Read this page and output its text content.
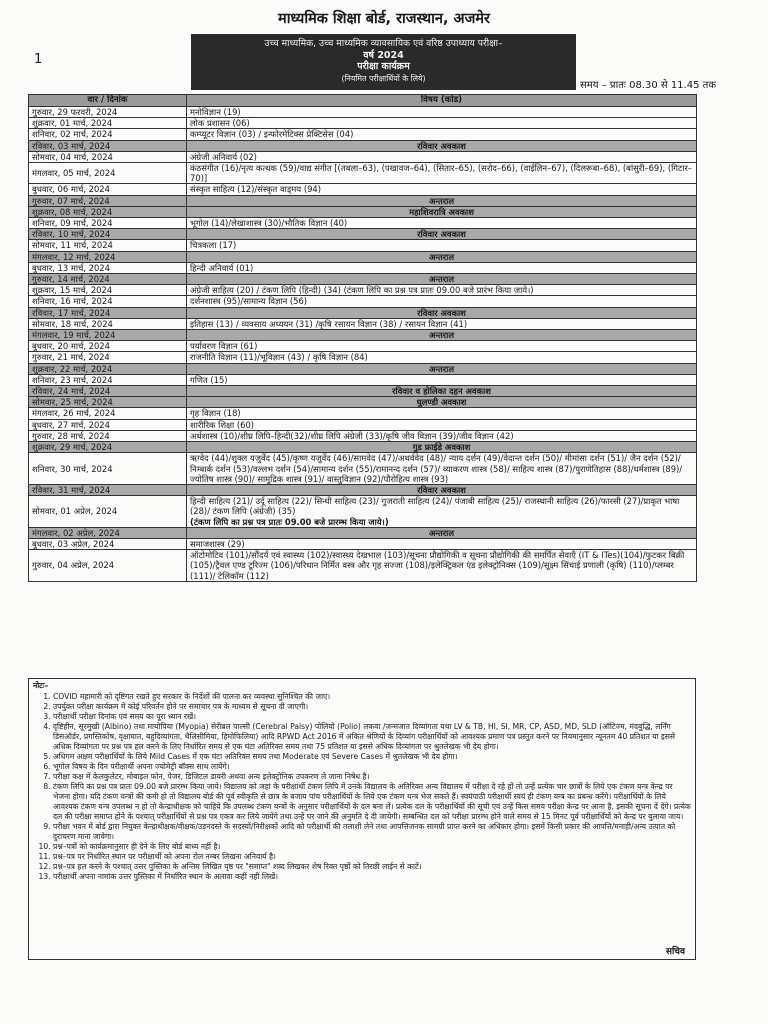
माध्यमिक शिक्षा बोर्ड, राजस्थान, अजमेर
1
उच्च माध्यमिक, उच्च माध्यमिक व्यावसायिक एवं वरिष्ठ उपाध्याय परीक्षा–
वर्ष 2024
परीक्षा कार्यक्रम
(नियमित परीक्षार्थियों के लिये)
समय – प्रातः 08.30 से 11.45 तक
वार / दिनांक	विषय (कोड)
गुरुवार, 29 फरवरी, 2024	मनोविज्ञान (19)
शुक्रवार, 01 मार्च, 2024	लोक प्रशासन (06)
शनिवार, 02 मार्च, 2024	कम्प्यूटर विज्ञान (03) / इन्फोरमेटिक्स प्रेक्टिसेस (04)
रविवार, 03 मार्च, 2024	रविवार अवकाश
सोमवार, 04 मार्च, 2024	अंग्रेजी अनिवार्य (02)
मंगलवार, 05 मार्च, 2024	कंठसंगीत (16)/नृत्य कत्थक (59)/वाद्य संगीत [(तबला–63), (पखावज–64), (सितार–65), (सरोद–66), (वाईलिन–67), (दिलरूबा–68), (बांसुरी–69), (गिटार– 70)]
बुधवार, 06 मार्च, 2024	संस्कृत साहित्य (12)/संस्कृत वाड्मय (94)
गुरुवार, 07 मार्च, 2024	अन्तराल
शुक्रवार, 08 मार्च, 2024	महाशिवरात्रि अवकाश
शनिवार, 09 मार्च, 2024	भूगोल (14)/लेखाशास्त्र (30)/भौतिक विज्ञान (40)
रविवार, 10 मार्च, 2024	रविवार अवकाश
सोमवार, 11 मार्च, 2024	चित्रकला (17)
मंगलवार, 12 मार्च, 2024	अन्तराल
बुधवार, 13 मार्च, 2024	हिन्दी अनिवार्य (01)
गुरुवार, 14 मार्च, 2024	अन्तराल
शुक्रवार, 15 मार्च, 2024	अंग्रेजी साहित्य (20) / टंकण लिपि (हिन्दी) (34) (टंकण लिपि का प्रश्न पत्र प्रातः 09.00 बजे प्रारंभ किया जाये।)
शनिवार, 16 मार्च, 2024	दर्शनशास्त्र (95)/सामान्य विज्ञान (56)
रविवार, 17 मार्च, 2024	रविवार अवकाश
सोमवार, 18 मार्च, 2024	इतिहास (13) / व्यवसाय अध्ययन (31) /कृषि रसायन विज्ञान (38) / रसायन विज्ञान (41)
मंगलवार, 19 मार्च, 2024	अन्तराल
बुधवार, 20 मार्च, 2024	पर्यावरण विज्ञान (61)
गुरुवार, 21 मार्च, 2024	राजनीति विज्ञान (11)/भूविज्ञान (43) / कृषि विज्ञान (84)
शुक्रवार, 22 मार्च, 2024	अन्तराल
शनिवार, 23 मार्च, 2024	गणित (15)
रविवार, 24 मार्च, 2024	रविवार व होलिका दहन अवकाश
सोमवार, 25 मार्च, 2024	धुलण्डी अवकाश
मंगलवार, 26 मार्च, 2024	गृह विज्ञान (18)
बुधवार, 27 मार्च, 2024	शारीरिक शिक्षा (60)
गुरुवार, 28 मार्च, 2024	अर्थशास्त्र (10)/शीघ्र लिपि–हिन्दी(32)/शीघ्र लिपि अंग्रेजी (33)/कृषि जीव विज्ञान (39)/जीव विज्ञान (42)
शुक्रवार, 29 मार्च, 2024	गुड फ्राईडे अवकाश
शनिवार, 30 मार्च, 2024	ऋग्वेद (44)/शुक्ल यजुर्वेद (45)/कृष्ण यजुर्वेद (46)/सामवेद (47)/अथर्ववेद (48)/ न्याय दर्शन (49)/वेदान्त दर्शन (50)/ मीमांसा दर्शन (51)/ जैन दर्शन (52)/ निम्बार्क दर्शन (53)/वल्लभ दर्शन (54)/सामान्य दर्शन (55)/रामानन्द दर्शन (57)/ व्याकरण शास्त्र (58)/ साहित्य शास्त्र (87)/पुराणेतिहास (88)/धर्मशास्त्र (89)/ज्योतिष शास्त्र (90)/ सामुद्रिक शास्त्र (91)/ वास्तुविज्ञान (92)/पौरोहित्य शास्त्र (93)
रविवार, 31 मार्च, 2024	रविवार अवकाश
सोमवार, 01 अप्रेल, 2024	हिन्दी साहित्य (21)/ उर्दू साहित्य (22)/ सिन्धी साहित्य (23)/ गुजराती साहित्य (24)/ पंजाबी साहित्य (25)/ राजस्थानी साहित्य (26)/फारसी (27)/प्राकृत भाषा (28)/ टंकण लिपि (अंग्रेजी) (35)
(टंकण लिपि का प्रश्न पत्र प्रातः 09.00 बजे प्रारम्भ किया जाये।)

मंगलवार, 02 अप्रेल, 2024	अन्तराल
बुधवार, 03 अप्रेल, 2024	समाजशास्त्र (29)
गुरुवार, 04 अप्रेल, 2024	ऑटोमोटिव (101)/सौंदर्य एवं स्वास्थ्य (102)/स्वास्थ्य देखभाल (103)/सूचना प्रौद्योगिकी व सूचना प्रौद्योगिकी की समर्पित सेवाएँ (IT & ITes)(104)/फुटकर बिक्री (105)/ट्रैवल एण्ड टूरिज्म (106)/परिधान निर्मित वस्त्र और गृह सज्जा (108)/इलेक्ट्रिकल एंड इलेक्ट्रोनिक्स (109)/सूक्ष्म सिंचाई प्रणाली (कृषि) (110)/प्लम्बर (111)/ टेलिकॉम (112)
नोटः–
1. COVID महामारी को दृष्टिगत रखते हुए सरकार के निर्देशों की पालना कर व्यवस्था सुनिश्चित की जाए।
2. उपर्युक्त परीक्षा कार्यक्रम में कोई परिवर्तन होने पर समाचार पत्र के माध्यम से सूचना दी जाएगी।
3. परीक्षार्थी परीक्षा दिनांक एवं समय का पूरा ध्यान रखें।
4. दृष्टिहीन, सूरमुखी (Albino) तथा मायोपिया (Myopia) सेरीब्रल पाल्सी (Cerebral Palsy) पोलियो (Polio) लकवा /जन्मजात दिव्यांगता यथा LV & TB, HI, SI, MR, CP, ASD, MD, SLD (ऑटिज्म, मंदबुद्धि, लर्निंग डिसऑर्डर, प्रगस्तिकोष, वृक्षाघात, बहुदिव्यांगता, थैलिसीमिया, हिमोफिलिया) आदि RPWD Act 2016 में अंकित श्रेणियों के दिव्यांग परीक्षार्थियों को आवश्यक प्रमाण पत्र प्रस्तुत करने पर नियमानुसार न्यूनतम 40 प्रतिशत या इससे अधिक दिव्यांगता पर प्रश्न पत्र हल करने के लिए निर्धारित समय से एक घंटा अतिरिक्त समय तथा 75 प्रतिशत या इससे अधिक दिव्यांगता पर श्रुतलेखक भी देय होगा।
5. अधिगम अक्षम परीक्षार्थियों के लिये Mild Cases में एक घंटा अतिरिक्त समय तथा Moderate एवं Severe Cases में श्रुतलेखक भी देय होगा।
6. भूगोल विषय के दिन परीक्षार्थी अपना ज्योमेट्री बॉक्स साथ लायेंगे।
7. परीक्षा कक्ष में केलकुलेटर, मोबाइल फोन, पेजर, डिजिटल डायरी अथवा अन्य इलेक्ट्रोनिक उपकरण ले जाना निषेध है।
8. टंकण लिपि का प्रश्न पत्र प्रातः 09.00 बजे प्रारम्भ किया जाये। विद्यालय को जहां के परीक्षार्थी टंकण लिपि में उनके विद्यालय के अतिरिक्त अन्य विद्यालय में परीक्षा दे रहे हों तो उन्हें प्रत्येक चार छात्रों के लिये एक टंकण यन्त्र केन्द्र पर भेजना होगा। यदि टंकण यन्त्रों की कमी हो तो विद्यालय बोर्ड की पूर्व स्वीकृति से छात्र के बजाय पांच परीक्षार्थियों के लिये एक टंकण यन्त्र भेज सकते हैं। स्वयंपाठी परीक्षार्थी स्वयं ही टंकण यन्त्र का प्रबन्ध करेंगे। परीक्षार्थियों के लिये आवश्यक टंकण यन्त्र उपलब्ध न हो तो केन्द्राधीक्षक को चाहिये कि उपलब्ध टंकण यन्त्रों के अनुसार परीक्षार्थियों के दल बना लें। प्रत्येक दल के परीक्षार्थियों की सूची एवं उन्हें किस समय परीक्षा केन्द्र पर आना है, इसकी सूचना दें देंगे। प्रत्येक दल की परीक्षा समाप्त होने के पश्चात् परीक्षार्थियों से प्रश्न पत्र एकत्र कर लिये जायेंगे तथा उन्हें घर जाने की अनुमति दे दी जायेगी। सम्बन्धित दल को परीक्षा प्रारम्भ होने वाले समय से 15 मिनट पूर्व परीक्षार्थियों को केन्द्र पर बुलाया जाय।
9. परीक्षा भवन में बोर्ड द्वारा नियुक्त केन्द्राधीक्षक/वीक्षक/उड़नदस्ते के सदस्यों/निरीक्षकों आदि को परीक्षार्थी की तलाशी लेने तथा आपत्तिजनक सामग्री प्राप्त करने का अधिकार होगा। इसमें किसी प्रकार की आपत्ति/मनाही/अन्य उत्पात को दुराचरण माना जावेगा।
10. प्रश्न–पत्रों को कार्यक्रमानुसार ही देने के लिए बोर्ड बाध्य नहीं है।
11. प्रश्न–पत्र पर निर्धारित स्थान पर परीक्षार्थी को अपना रोल नम्बर लिखना अनिवार्य है।
12. प्रश्न–पत्र हल करने के पश्चात् उत्तर पुस्तिका के अन्तिम लिखित पृष्ठ पर "समाप्त" शब्द लिखकर शेष रिक्त पृष्ठों को तिरछी लाईन से काटें।
13. परीक्षार्थी अपना नामांक उत्तर पुस्तिका में निर्धारित स्थान के अलावा कहीं नहीं लिखें।
सचिव
